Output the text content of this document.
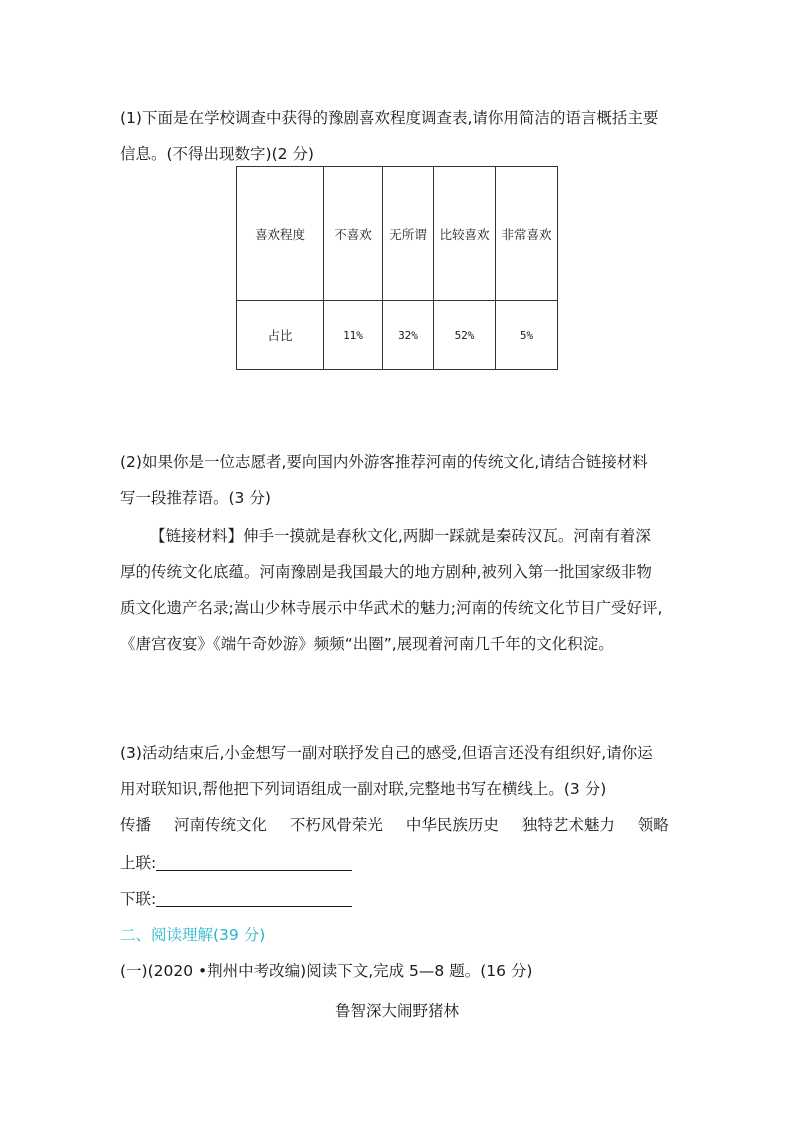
(1)下面是在学校调查中获得的豫剧喜欢程度调查表,请你用简洁的语言概括主要
信息。(不得出现数字)(2 分)
喜欢程度	不喜欢	无所谓	比较喜欢	非常喜欢
占比	11%	32%	52%	5%
(2)如果你是一位志愿者,要向国内外游客推荐河南的传统文化,请结合链接材料
写一段推荐语。(3 分)
【链接材料】伸手一摸就是春秋文化,两脚一踩就是秦砖汉瓦。河南有着深
厚的传统文化底蕴。河南豫剧是我国最大的地方剧种,被列入第一批国家级非物
质文化遗产名录;嵩山少林寺展示中华武术的魅力;河南的传统文化节目广受好评,
《唐宫夜宴》《端午奇妙游》频频“出圈”,展现着河南几千年的文化积淀。
(3)活动结束后,小金想写一副对联抒发自己的感受,但语言还没有组织好,请你运
用对联知识,帮他把下列词语组成一副对联,完整地书写在横线上。(3 分)
传播 河南传统文化 不朽风骨荣光 中华民族历史 独特艺术魅力 领略
上联:
下联:
二、阅读理解(39 分)
(一)(2020 •荆州中考改编)阅读下文,完成 5—8 题。(16 分)
鲁智深大闹野猪林
